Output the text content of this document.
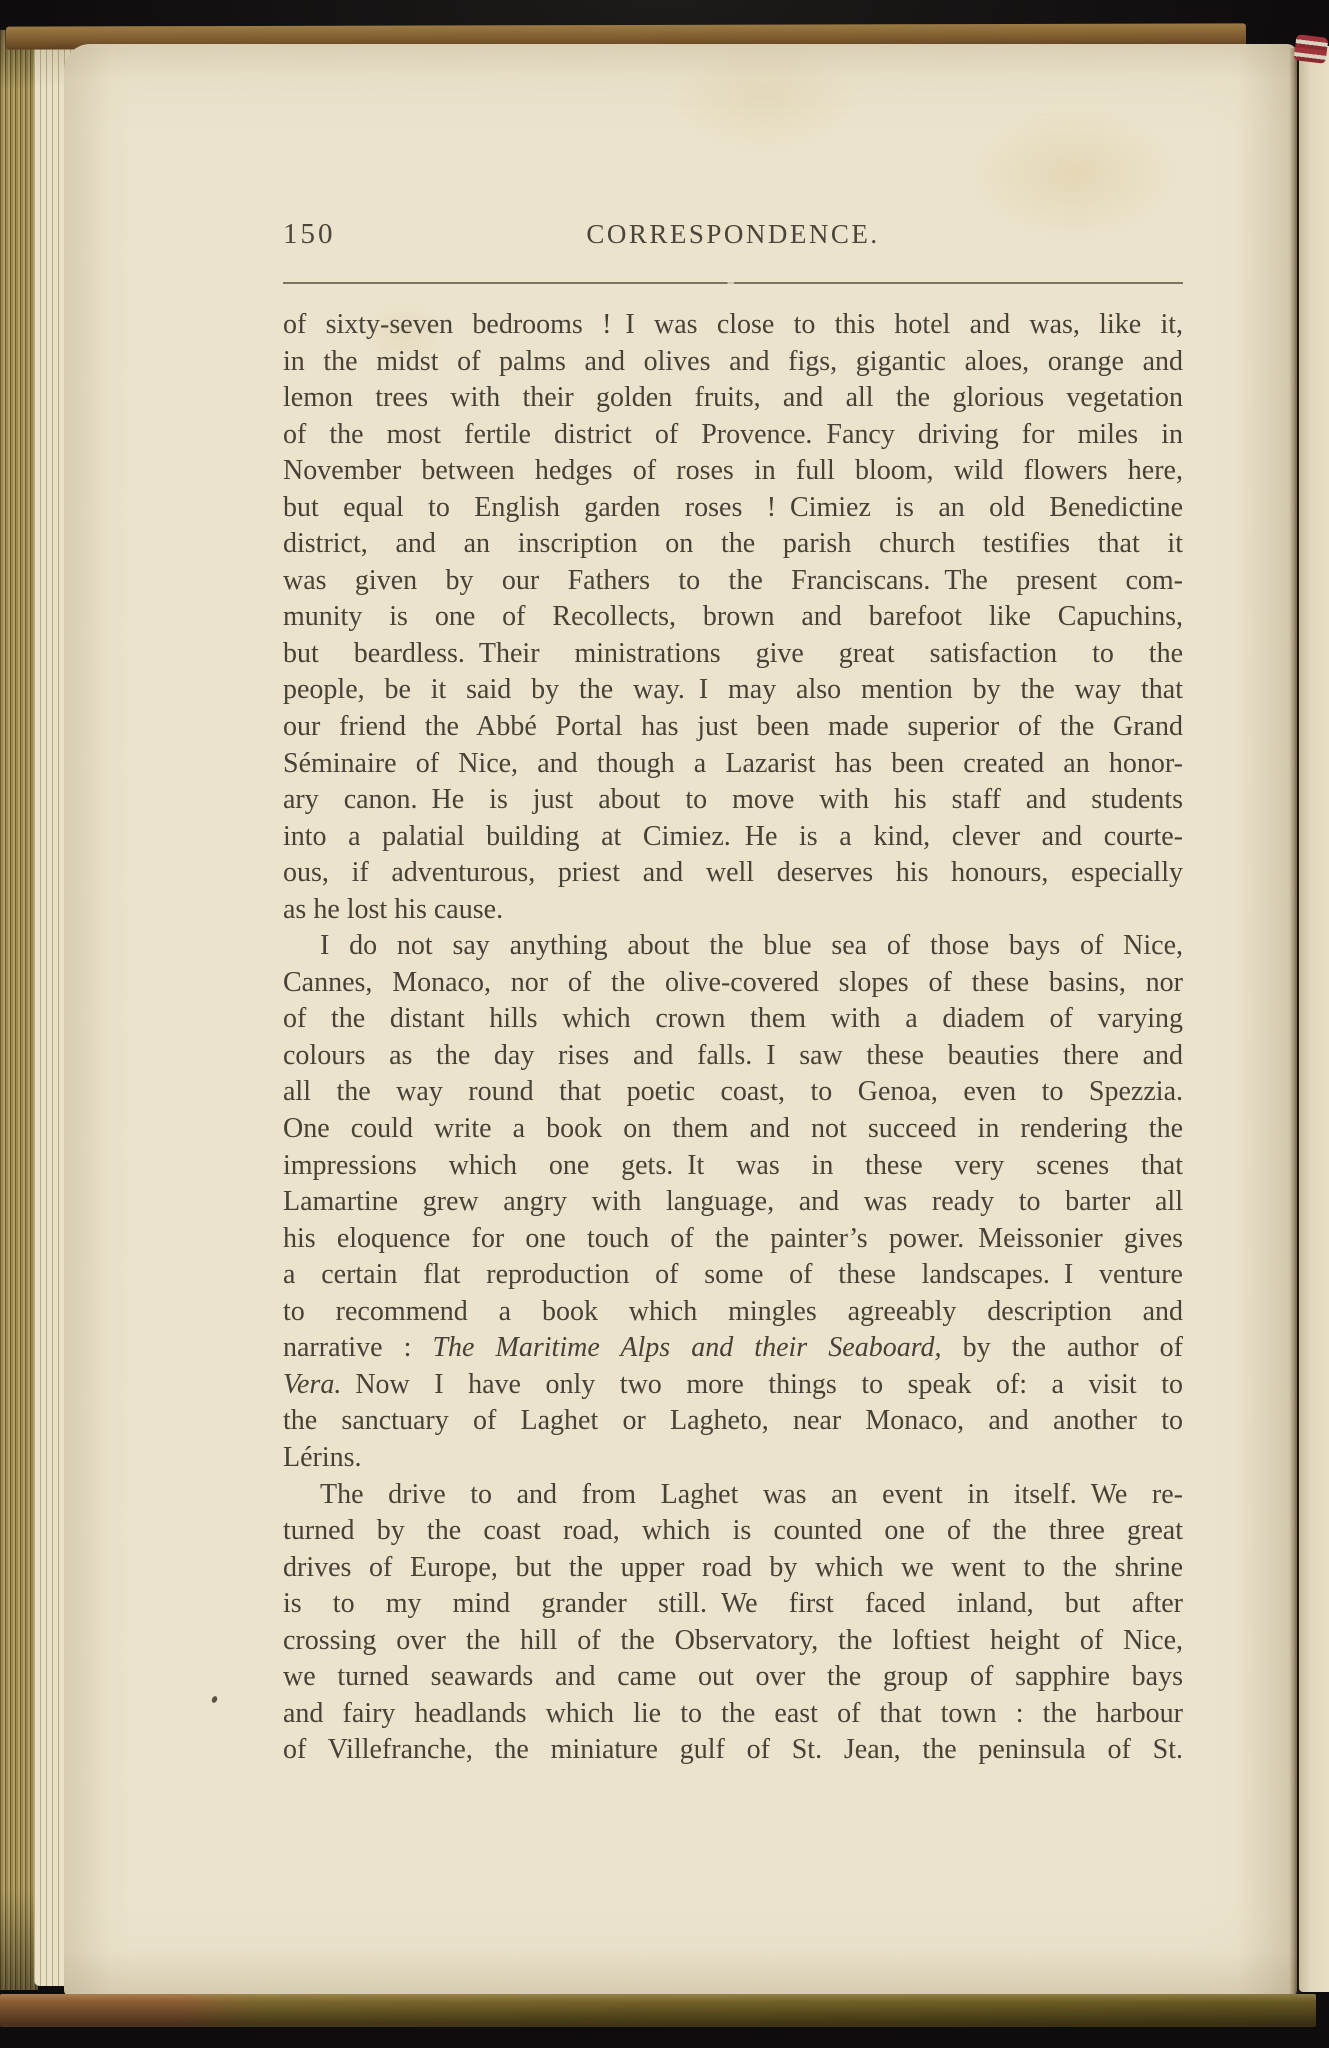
150	CORRESPONDENCE.
of sixty-seven bedrooms ! I was close to this hotel and was, like it,
in the midst of palms and olives and figs, gigantic aloes, orange and
lemon trees with their golden fruits, and all the glorious vegetation
of the most fertile district of Provence. Fancy driving for miles in
November between hedges of roses in full bloom, wild flowers here,
but equal to English garden roses ! Cimiez is an old Benedictine
district, and an inscription on the parish church testifies that it
was given by our Fathers to the Franciscans. The present com-
munity is one of Recollects, brown and barefoot like Capuchins,
but beardless. Their ministrations give great satisfaction to the
people, be it said by the way. I may also mention by the way that
our friend the Abbé Portal has just been made superior of the Grand
Séminaire of Nice, and though a Lazarist has been created an honor-
ary canon. He is just about to move with his staff and students
into a palatial building at Cimiez. He is a kind, clever and courte-
ous, if adventurous, priest and well deserves his honours, especially
as he lost his cause.
I do not say anything about the blue sea of those bays of Nice,
Cannes, Monaco, nor of the olive-covered slopes of these basins, nor
of the distant hills which crown them with a diadem of varying
colours as the day rises and falls. I saw these beauties there and
all the way round that poetic coast, to Genoa, even to Spezzia.
One could write a book on them and not succeed in rendering the
impressions which one gets. It was in these very scenes that
Lamartine grew angry with language, and was ready to barter all
his eloquence for one touch of the painter’s power. Meissonier gives
a certain flat reproduction of some of these landscapes. I venture
to recommend a book which mingles agreeably description and
narrative : The Maritime Alps and their Seaboard, by the author of
Vera. Now I have only two more things to speak of: a visit to
the sanctuary of Laghet or Lagheto, near Monaco, and another to
Lérins.
The drive to and from Laghet was an event in itself. We re-
turned by the coast road, which is counted one of the three great
drives of Europe, but the upper road by which we went to the shrine
is to my mind grander still. We first faced inland, but after
crossing over the hill of the Observatory, the loftiest height of Nice,
we turned seawards and came out over the group of sapphire bays
and fairy headlands which lie to the east of that town : the harbour
of Villefranche, the miniature gulf of St. Jean, the peninsula of St.
